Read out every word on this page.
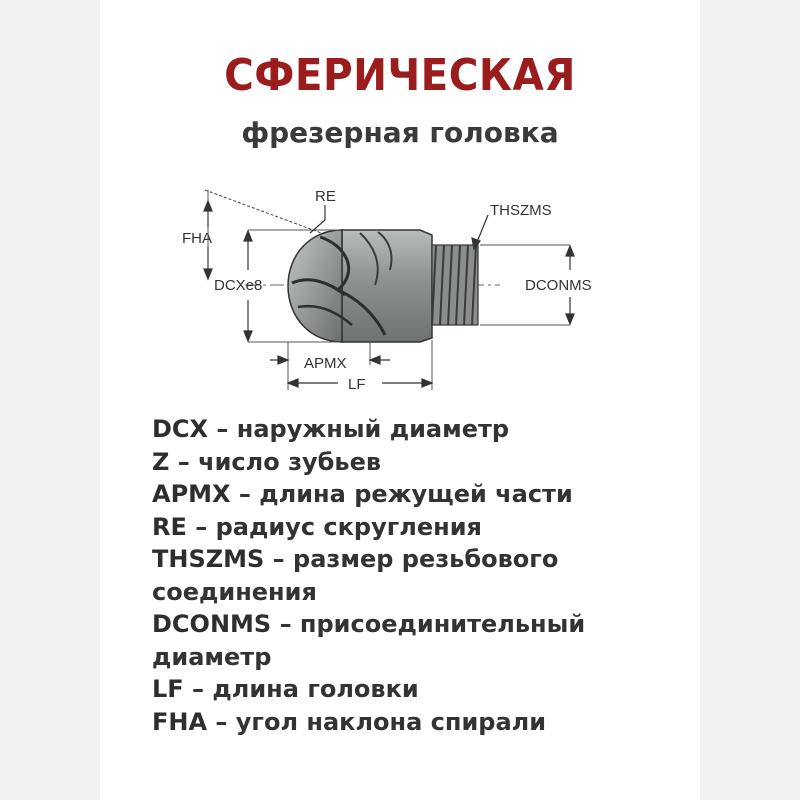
СФЕРИЧЕСКАЯ
фрезерная головка
RE
THSZMS
FHA
DCXe8	DCONMS
APMX
LF
DCX – наружный диаметр
Z – число зубьев
APMX – длина режущей части
RE – радиус скругления
THSZMS – размер резьбового соединения
DCONMS – присоединительный диаметр
LF – длина головки
FHA – угол наклона спирали
